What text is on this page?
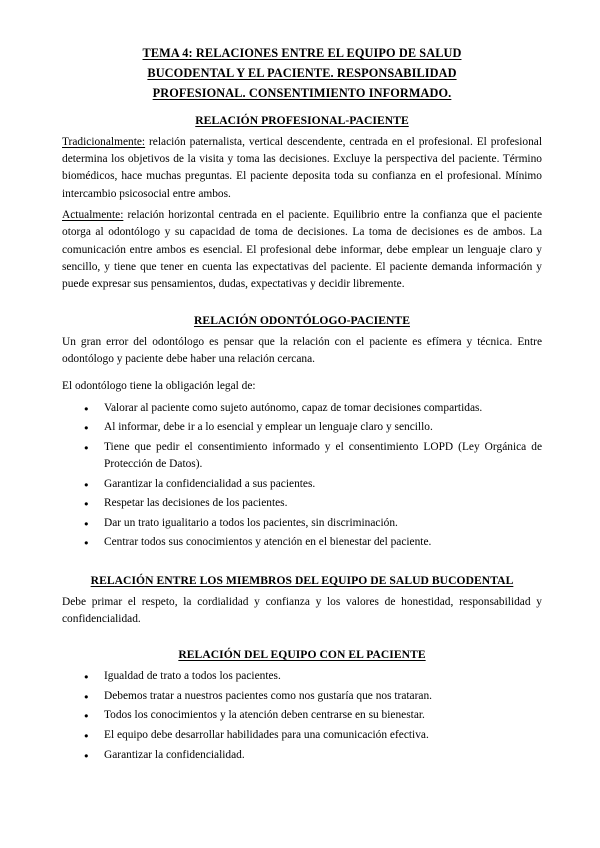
TEMA 4: RELACIONES ENTRE EL EQUIPO DE SALUD
BUCODENTAL Y EL PACIENTE. RESPONSABILIDAD
PROFESIONAL. CONSENTIMIENTO INFORMADO.
RELACIÓN PROFESIONAL-PACIENTE

Tradicionalmente: relación paternalista, vertical descendente, centrada en el profesional. El profesional determina los objetivos de la visita y toma las decisiones. Excluye la perspectiva del paciente. Término biomédicos, hace muchas preguntas. El paciente deposita toda su confianza en el profesional. Mínimo intercambio psicosocial entre ambos.

Actualmente: relación horizontal centrada en el paciente. Equilibrio entre la confianza que el paciente otorga al odontólogo y su capacidad de toma de decisiones. La toma de decisiones es de ambos. La comunicación entre ambos es esencial. El profesional debe informar, debe emplear un lenguaje claro y sencillo, y tiene que tener en cuenta las expectativas del paciente. El paciente demanda información y puede expresar sus pensamientos, dudas, expectativas y decidir libremente.

RELACIÓN ODONTÓLOGO-PACIENTE

Un gran error del odontólogo es pensar que la relación con el paciente es efímera y técnica. Entre odontólogo y paciente debe haber una relación cercana.

El odontólogo tiene la obligación legal de:

● Valorar al paciente como sujeto autónomo, capaz de tomar decisiones compartidas.
● Al informar, debe ir a lo esencial y emplear un lenguaje claro y sencillo.
● Tiene que pedir el consentimiento informado y el consentimiento LOPD (Ley Orgánica de Protección de Datos).
● Garantizar la confidencialidad a sus pacientes.
● Respetar las decisiones de los pacientes.
● Dar un trato igualitario a todos los pacientes, sin discriminación.
● Centrar todos sus conocimientos y atención en el bienestar del paciente.
RELACIÓN ENTRE LOS MIEMBROS DEL EQUIPO DE SALUD BUCODENTAL

Debe primar el respeto, la cordialidad y confianza y los valores de honestidad, responsabilidad y confidencialidad.

RELACIÓN DEL EQUIPO CON EL PACIENTE
● Igualdad de trato a todos los pacientes.
● Debemos tratar a nuestros pacientes como nos gustaría que nos trataran.
● Todos los conocimientos y la atención deben centrarse en su bienestar.
● El equipo debe desarrollar habilidades para una comunicación efectiva.
● Garantizar la confidencialidad.
